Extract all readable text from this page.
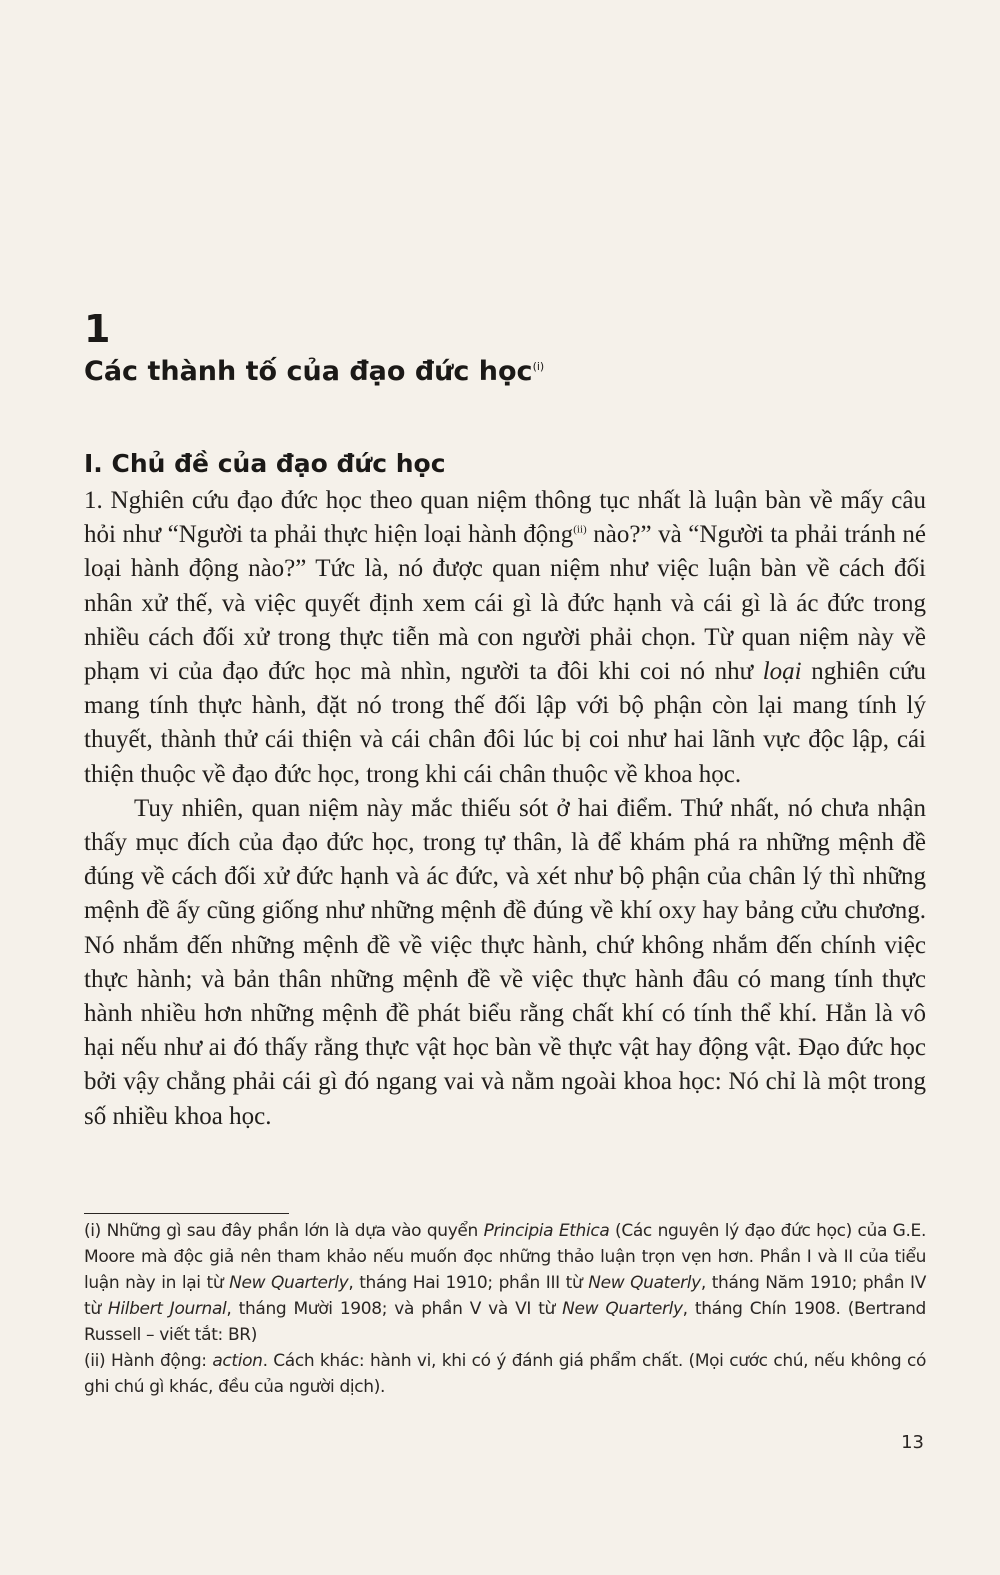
1
Các thành tố của đạo đức học$^{(i)}$
I. Chủ đề của đạo đức học

1. Nghiên cứu đạo đức học theo quan niệm thông tục nhất là luận bàn về mấy câu hỏi như “Người ta phải thực hiện loại hành động$^{(ii)}$ nào?” và “Người ta phải tránh né loại hành động nào?” Tức là, nó được quan niệm như việc luận bàn về cách đối nhân xử thế, và việc quyết định xem cái gì là đức hạnh và cái gì là ác đức trong nhiều cách đối xử trong thực tiễn mà con người phải chọn. Từ quan niệm này về phạm vi của đạo đức học mà nhìn, người ta đôi khi coi nó như loại nghiên cứu mang tính thực hành, đặt nó trong thế đối lập với bộ phận còn lại mang tính lý thuyết, thành thử cái thiện và cái chân đôi lúc bị coi như hai lãnh vực độc lập, cái thiện thuộc về đạo đức học, trong khi cái chân thuộc về khoa học.

Tuy nhiên, quan niệm này mắc thiếu sót ở hai điểm. Thứ nhất, nó chưa nhận thấy mục đích của đạo đức học, trong tự thân, là để khám phá ra những mệnh đề đúng về cách đối xử đức hạnh và ác đức, và xét như bộ phận của chân lý thì những mệnh đề ấy cũng giống như những mệnh đề đúng về khí oxy hay bảng cửu chương. Nó nhắm đến những mệnh đề về việc thực hành, chứ không nhắm đến chính việc thực hành; và bản thân những mệnh đề về việc thực hành đâu có mang tính thực hành nhiều hơn những mệnh đề phát biểu rằng chất khí có tính thể khí. Hẳn là vô hại nếu như ai đó thấy rằng thực vật học bàn về thực vật hay động vật. Đạo đức học bởi vậy chẳng phải cái gì đó ngang vai và nằm ngoài khoa học: Nó chỉ là một trong số nhiều khoa học.

(i) Những gì sau đây phần lớn là dựa vào quyển Principia Ethica (Các nguyên lý đạo đức học) của G.E. Moore mà độc giả nên tham khảo nếu muốn đọc những thảo luận trọn vẹn hơn. Phần I và II của tiểu luận này in lại từ New Quarterly, tháng Hai 1910; phần III từ New Quaterly, tháng Năm 1910; phần IV từ Hilbert Journal, tháng Mười 1908; và phần V và VI từ New Quarterly, tháng Chín 1908. (Bertrand Russell – viết tắt: BR)

(ii) Hành động: action. Cách khác: hành vi, khi có ý đánh giá phẩm chất. (Mọi cước chú, nếu không có ghi chú gì khác, đều của người dịch).

13
